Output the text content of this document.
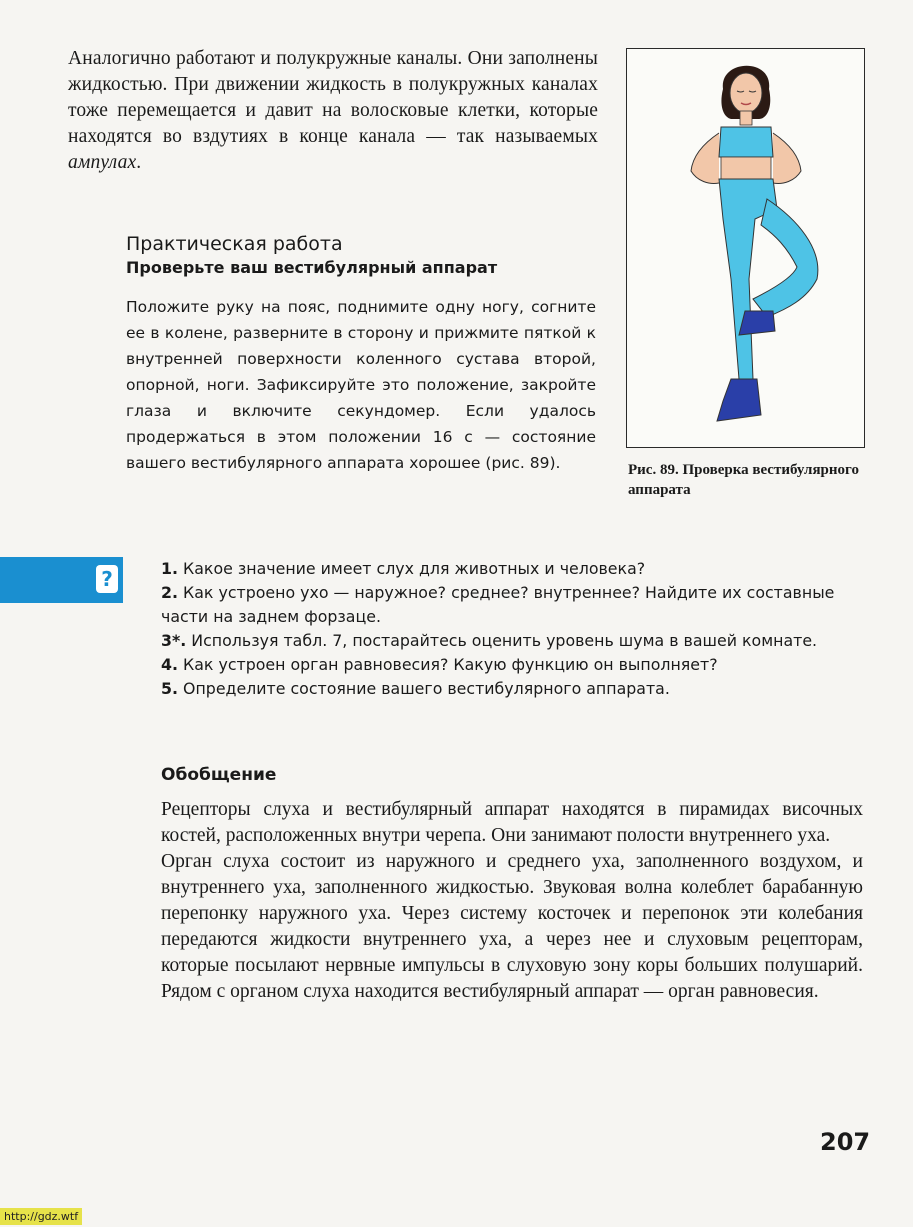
Аналогично работают и полукружные каналы. Они заполнены жидкостью. При движении жидкость в полукружных каналах тоже перемещается и давит на волосковые клетки, которые находятся во вздутиях в конце канала — так называемых ампулах.
Практическая работа
Проверьте ваш вестибулярный аппарат
Положите руку на пояс, поднимите одну ногу, согните ее в колене, разверните в сторону и прижмите пяткой к внутренней поверхности коленного сустава второй, опорной, ноги. Зафиксируйте это положение, закройте глаза и включите секундомер. Если удалось продержаться в этом положении 16 с — состояние вашего вестибулярного аппарата хорошее (рис. 89).	Рис. 89. Проверка вестибулярного аппарата
?	1. Какое значение имеет слух для животных и человека?
2. Как устроено ухо — наружное? среднее? внутреннее? Найдите их составные части на заднем форзаце.
3*. Используя табл. 7, постарайтесь оценить уровень шума в вашей комнате.
4. Как устроен орган равновесия? Какую функцию он выполняет?
5. Определите состояние вашего вестибулярного аппарата.
Обобщение

Рецепторы слуха и вестибулярный аппарат находятся в пирамидах височных костей, расположенных внутри черепа. Они занимают полости внутреннего уха.

Орган слуха состоит из наружного и среднего уха, заполненного воздухом, и внутреннего уха, заполненного жидкостью. Звуковая волна колеблет барабанную перепонку наружного уха. Через систему косточек и перепонок эти колебания передаются жидкости внутреннего уха, а через нее и слуховым рецепторам, которые посылают нервные импульсы в слуховую зону коры больших полушарий. Рядом с органом слуха находится вестибулярный аппарат — орган равновесия.

207
http://gdz.wtf
